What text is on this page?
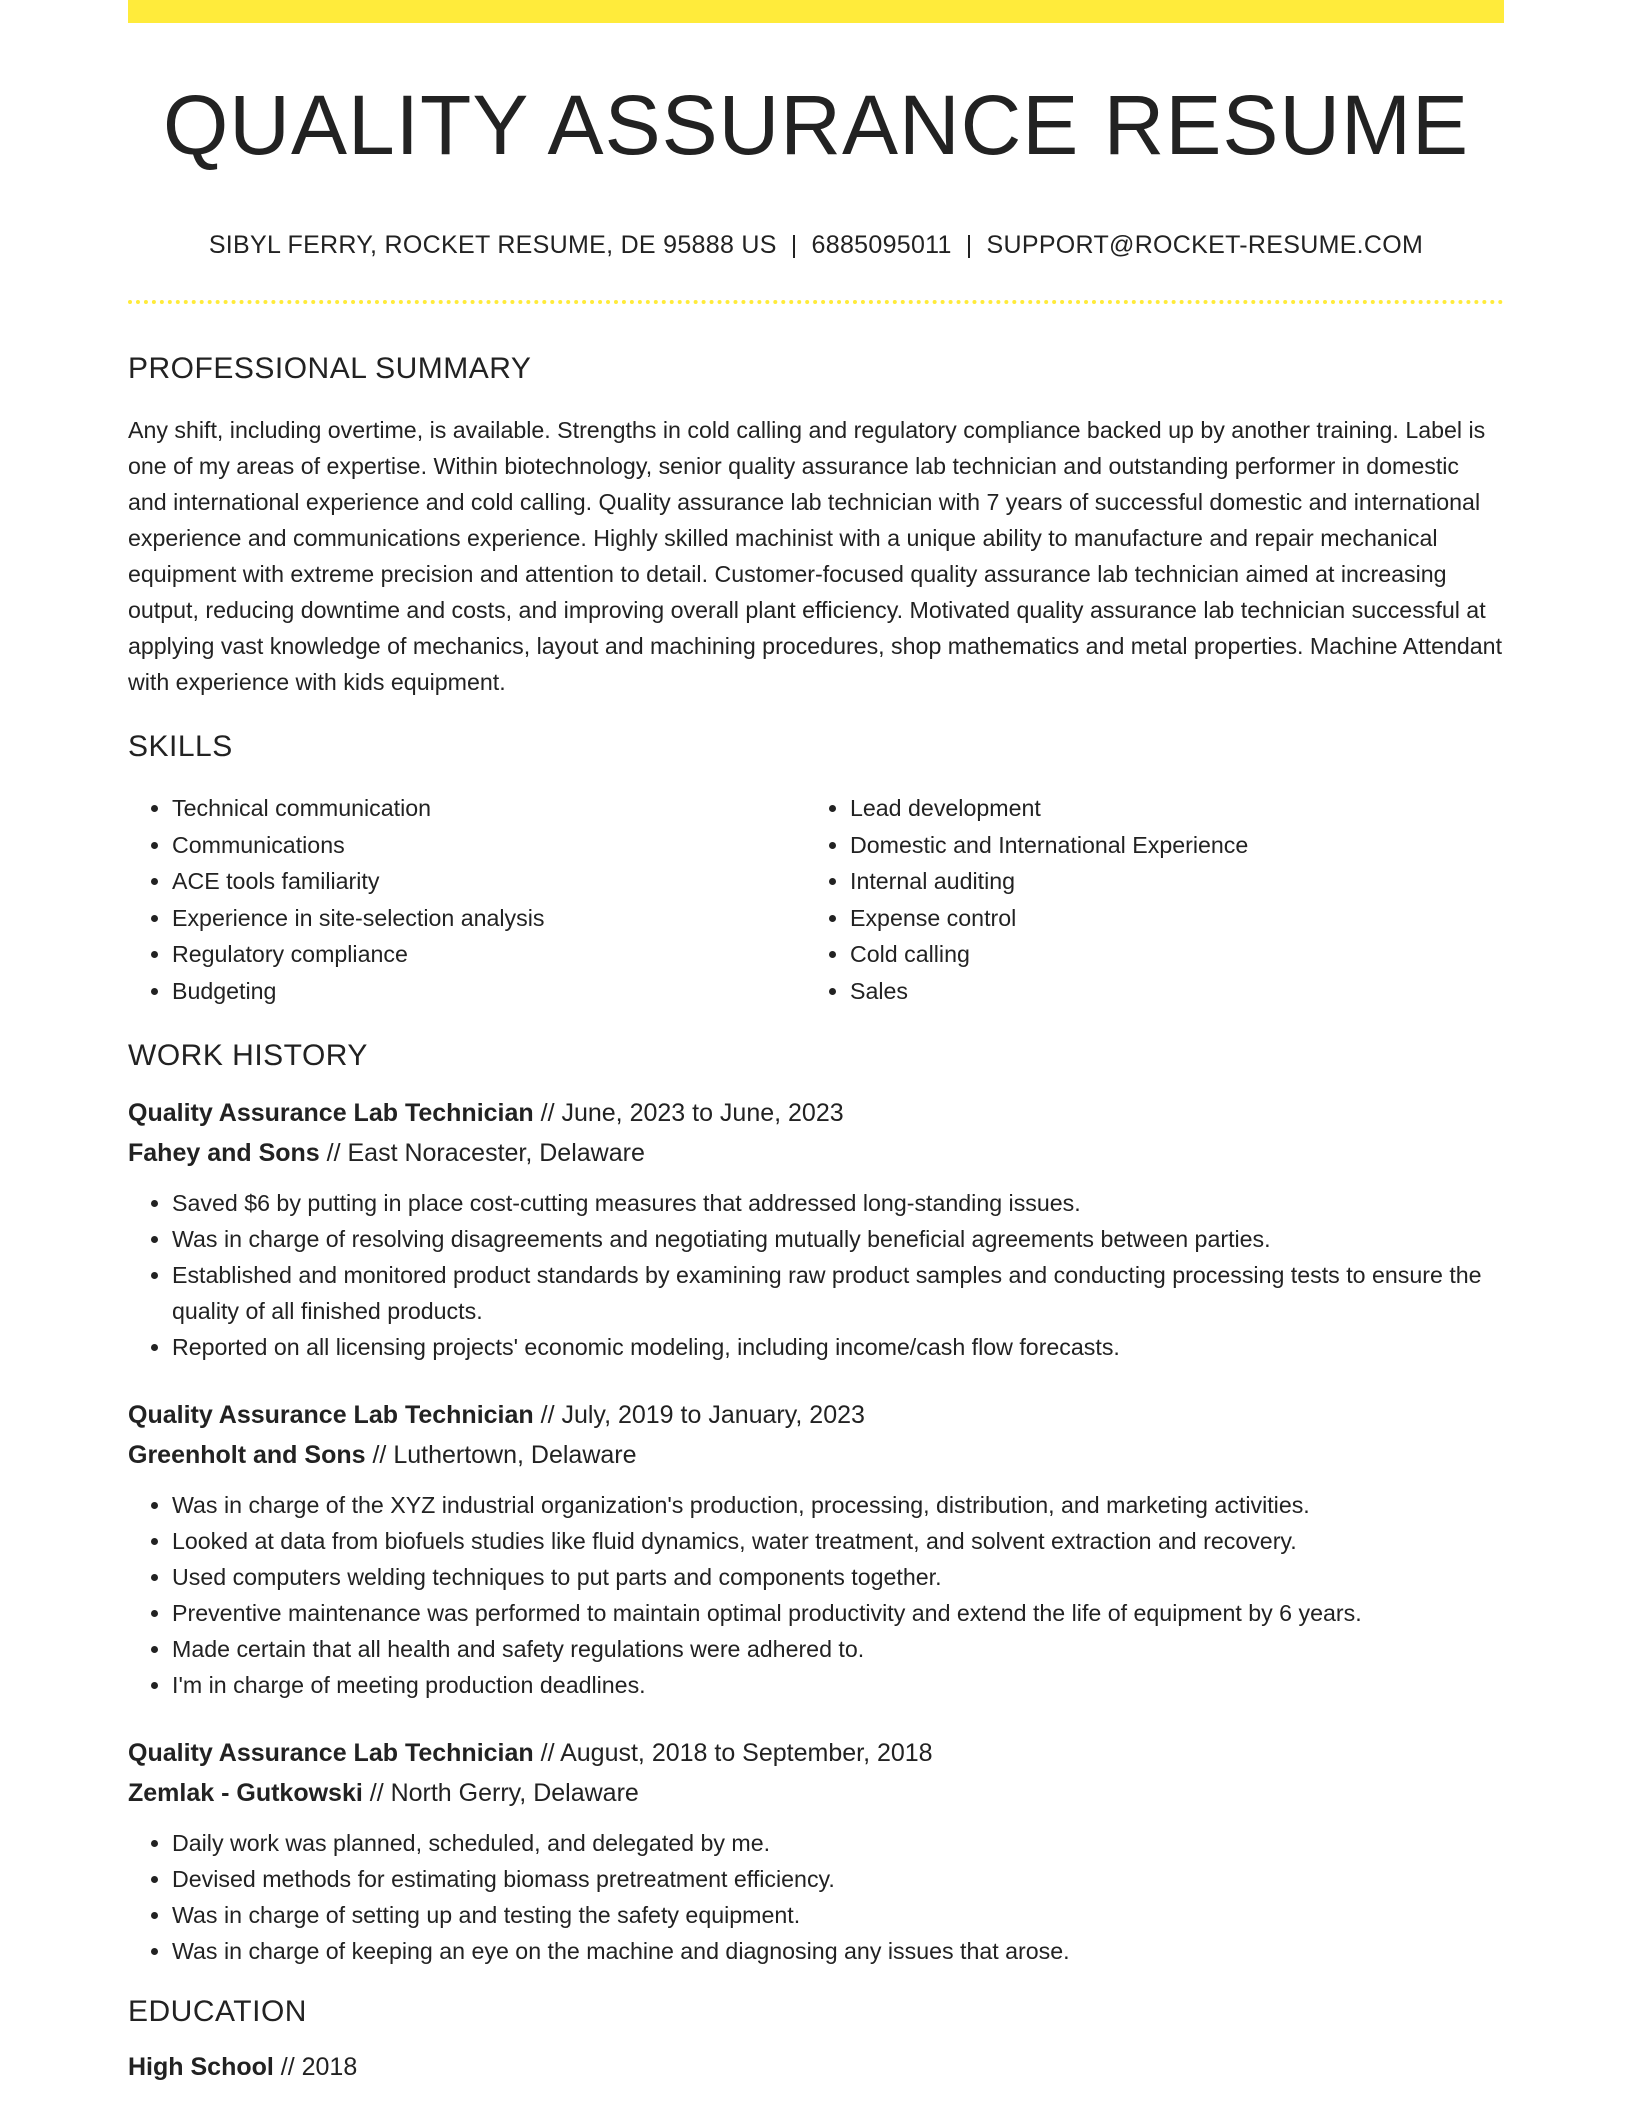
QUALITY ASSURANCE RESUME
SIBYL FERRY, ROCKET RESUME, DE 95888 US | 6885095011 | SUPPORT@ROCKET-RESUME.COM
PROFESSIONAL SUMMARY
Any shift, including overtime, is available. Strengths in cold calling and regulatory compliance backed up by another training. Label is one of my areas of expertise. Within biotechnology, senior quality assurance lab technician and outstanding performer in domestic and international experience and cold calling. Quality assurance lab technician with 7 years of successful domestic and international experience and communications experience. Highly skilled machinist with a unique ability to manufacture and repair mechanical equipment with extreme precision and attention to detail. Customer-focused quality assurance lab technician aimed at increasing output, reducing downtime and costs, and improving overall plant efficiency. Motivated quality assurance lab technician successful at applying vast knowledge of mechanics, layout and machining procedures, shop mathematics and metal properties. Machine Attendant with experience with kids equipment.
SKILLS
• Technical communication
• Communications
• ACE tools familiarity
• Experience in site-selection analysis
• Regulatory compliance
• Budgeting
• Lead development
• Domestic and International Experience
• Internal auditing
• Expense control
• Cold calling
• Sales
WORK HISTORY
Quality Assurance Lab Technician // June, 2023 to June, 2023
Fahey and Sons // East Noracester, Delaware
• Saved $6 by putting in place cost-cutting measures that addressed long-standing issues.
• Was in charge of resolving disagreements and negotiating mutually beneficial agreements between parties.
• Established and monitored product standards by examining raw product samples and conducting processing tests to ensure the quality of all finished products.
• Reported on all licensing projects' economic modeling, including income/cash flow forecasts.
Quality Assurance Lab Technician // July, 2019 to January, 2023
Greenholt and Sons // Luthertown, Delaware
• Was in charge of the XYZ industrial organization's production, processing, distribution, and marketing activities.
• Looked at data from biofuels studies like fluid dynamics, water treatment, and solvent extraction and recovery.
• Used computers welding techniques to put parts and components together.
• Preventive maintenance was performed to maintain optimal productivity and extend the life of equipment by 6 years.
• Made certain that all health and safety regulations were adhered to.
• I'm in charge of meeting production deadlines.
Quality Assurance Lab Technician // August, 2018 to September, 2018
Zemlak - Gutkowski // North Gerry, Delaware
• Daily work was planned, scheduled, and delegated by me.
• Devised methods for estimating biomass pretreatment efficiency.
• Was in charge of setting up and testing the safety equipment.
• Was in charge of keeping an eye on the machine and diagnosing any issues that arose.
EDUCATION
High School // 2018
